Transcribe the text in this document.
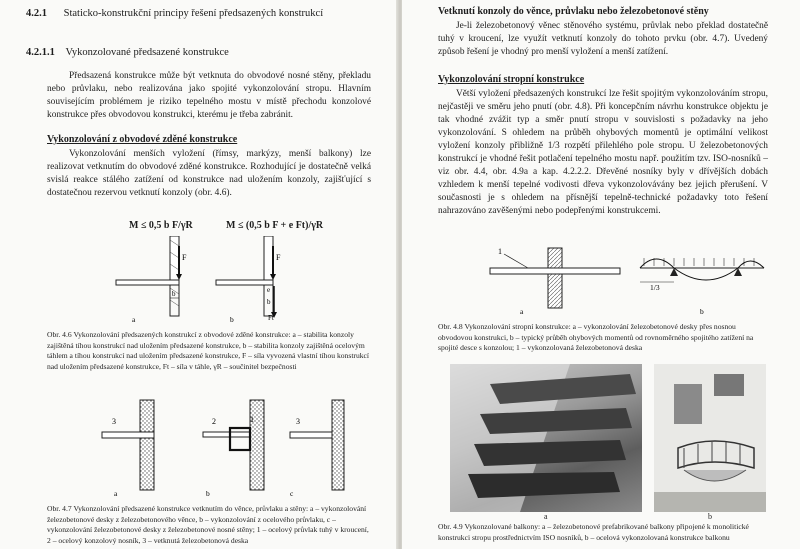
4.2.1 Staticko-konstrukční principy řešení předsazených konstrukcí
4.2.1.1 Vykonzolované předsazené konstrukce
Předsazená konstrukce může být vetknuta do obvodové nosné stěny, překladu nebo průvlaku, nebo realizována jako spojité vykonzolování stropu. Hlavním souvisejícím problémem je riziko tepelného mostu v místě přechodu konzolové konstrukce přes obvodovou konstrukci, kterému je třeba zabránit.
Vykonzolování z obvodové zděné konstrukce
Vykonzolování menších vyložení (římsy, markýzy, menší balkony) lze realizovat vetknutím do obvodové zděné konstrukce. Rozhodující je dostatečně velká svislá reakce stálého zatížení od konstrukce nad uložením konzoly, zajišťující s dostatečnou rezervou vetknutí konzoly (obr. 4.6).
M ≤ 0,5 b F/γR	M ≤ (0,5 b F + e Ft)/γR
F
b
a
F
e
b
Ft
b
Obr. 4.6 Vykonzolování předsazených konstrukcí z obvodové zděné konstrukce: a – stabilita konzoly zajištěná tíhou konstrukcí nad uložením předsazené konstrukce, b – stabilita konzoly zajištěná ocelovým táhlem a tíhou konstrukcí nad uložením předsazené konstrukce, F – síla vyvozená vlastní tíhou konstrukcí nad uložením předsazené konstrukce, Ft – síla v táhle, γR – součinitel bezpečnosti
3
a
2	1
b
3
c
Obr. 4.7 Vykonzolování předsazené konstrukce vetknutím do věnce, průvlaku a stěny: a – vykonzolování železobetonové desky z železobetonového věnce, b – vykonzolování z ocelového průvlaku, c – vykonzolování železobetonové desky z železobetonové nosné stěny; 1 – ocelový průvlak tuhý v kroucení, 2 – ocelový konzolový nosník, 3 – vetknutá železobetonová deska
Vetknutí konzoly do věnce, průvlaku nebo železobetonové stěny
Je-li železobetonový věnec stěnového systému, průvlak nebo překlad dostatečně tuhý v kroucení, lze využít vetknutí konzoly do tohoto prvku (obr. 4.7). Uvedený způsob řešení je vhodný pro menší vyložení a menší zatížení.
Vykonzolování stropní konstrukce
Větší vyložení předsazených konstrukcí lze řešit spojitým vykonzolováním stropu, nejčastěji ve směru jeho pnutí (obr. 4.8). Při koncepčním návrhu konstrukce objektu je tak vhodné zvážit typ a směr pnutí stropu v souvislosti s požadavky na jeho vykonzolování. S ohledem na průběh ohybových momentů je optimální velikost vyložení konzoly přibližně 1/3 rozpětí přilehlého pole stropu. U železobetonových konstrukcí je vhodné řešit potlačení tepelného mostu např. použitím tzv. ISO-nosníků – viz obr. 4.4, obr. 4.9a a kap. 4.2.2.2. Dřevěné nosníky byly v dřívějších dobách vzhledem k menší tepelné vodivosti dřeva vykonzolovávány bez jejich přerušení. V současnosti je s ohledem na přísnější tepelně-technické požadavky toto řešení nahrazováno zavěšenými nebo podepřenými konstrukcemi.
1
a
1/3
b
Obr. 4.8 Vykonzolování stropní konstrukce: a – vykonzolování železobetonové desky přes nosnou obvodovou konstrukci, b – typický průběh ohybových momentů od rovnoměrného spojitého zatížení na spojité desce s konzolou; 1 – vykonzolovaná železobetonová deska
a	b
Obr. 4.9 Vykonzolované balkony: a – železobetonové prefabrikované balkony připojené k monolitické konstrukci stropu prostřednictvím ISO nosníků, b – ocelová vykonzolovaná konstrukce balkonu
